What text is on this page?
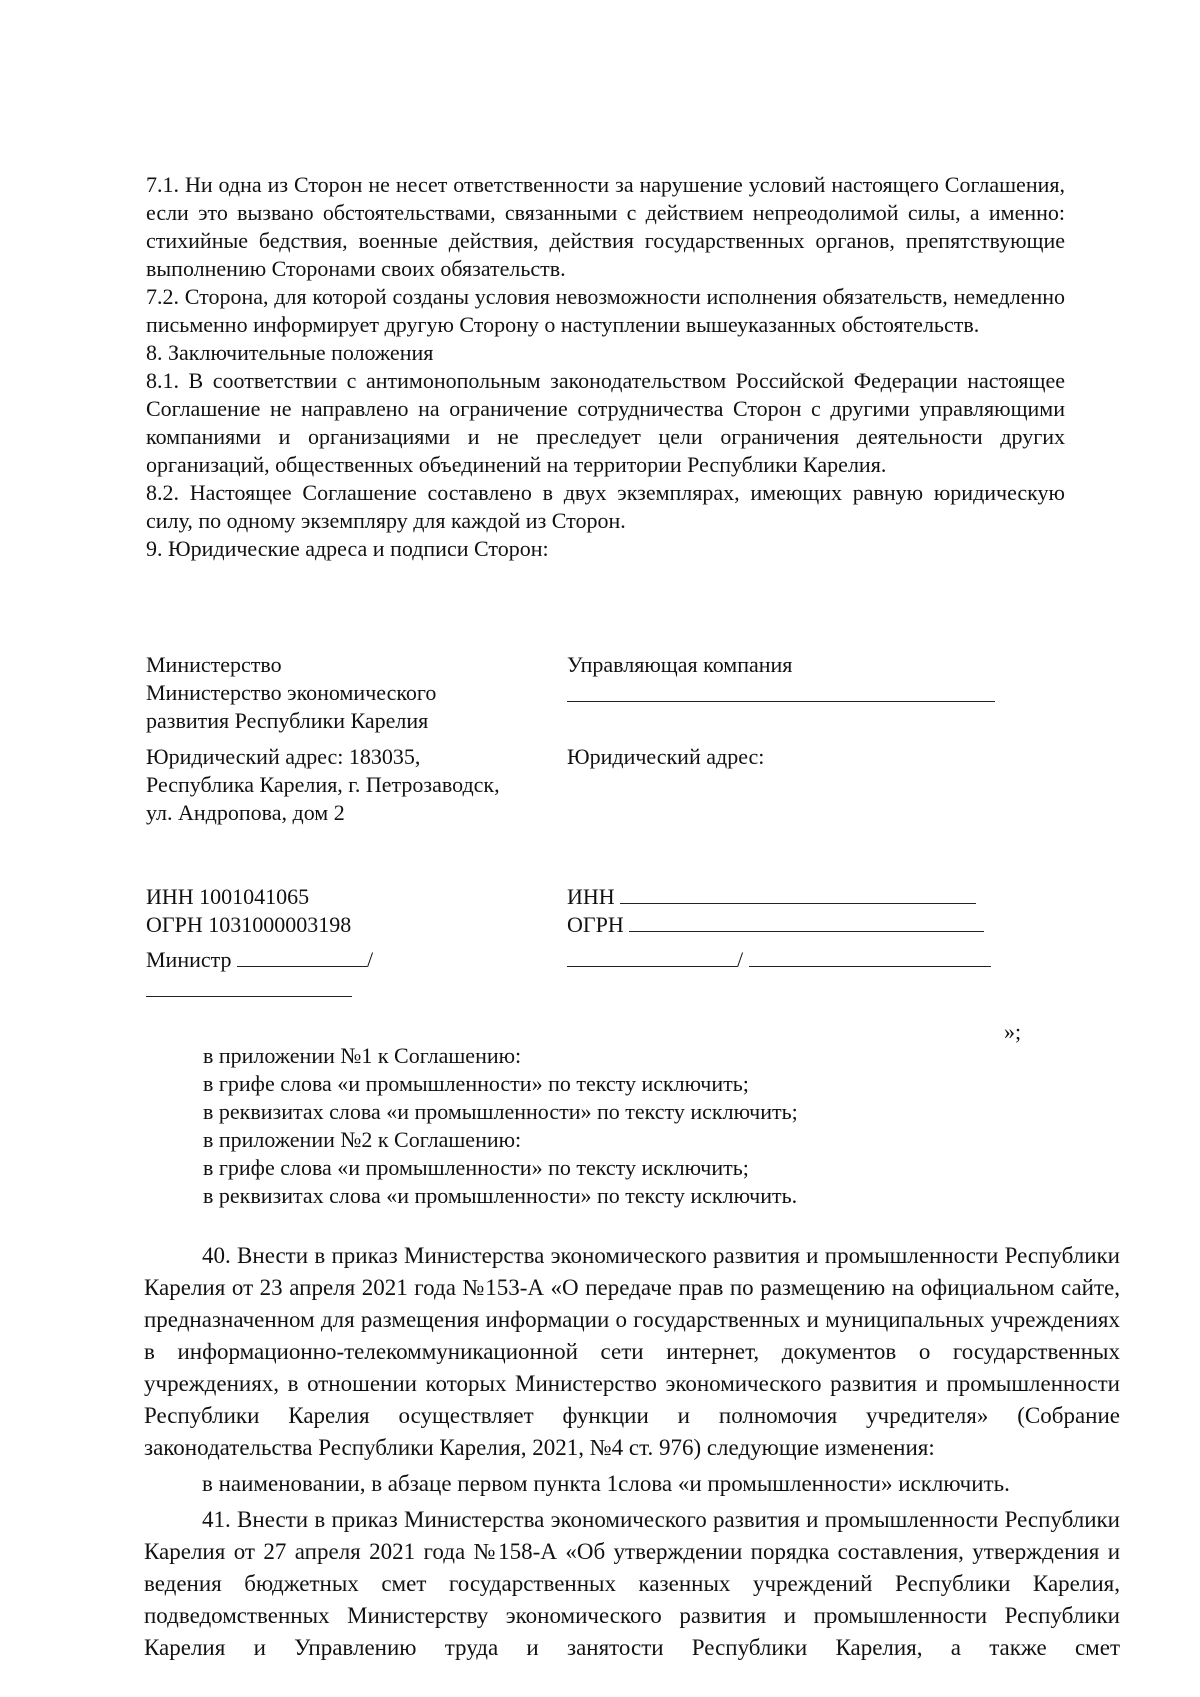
7.1. Ни одна из Сторон не несет ответственности за нарушение условий настоящего Соглашения, если это вызвано обстоятельствами, связанными с действием непреодолимой силы, а именно: стихийные бедствия, военные действия, действия государственных органов, препятствующие выполнению Сторонами своих обязательств.

7.2. Сторона, для которой созданы условия невозможности исполнения обязательств, немедленно письменно информирует другую Сторону о наступлении вышеуказанных обстоятельств.

8. Заключительные положения

8.1. В соответствии с антимонопольным законодательством Российской Федерации настоящее Соглашение не направлено на ограничение сотрудничества Сторон с другими управляющими компаниями и организациями и не преследует цели ограничения деятельности других организаций, общественных объединений на территории Республики Карелия.

8.2. Настоящее Соглашение составлено в двух экземплярах, имеющих равную юридическую силу, по одному экземпляру для каждой из Сторон.

9. Юридические адреса и подписи Сторон:

Министерство
Министерство экономического
развития Республики Карелия
Управляющая компания
Юридический адрес: 183035,
Республика Карелия, г. Петрозаводск,
ул. Андропова, дом 2
Юридический адрес:
ИНН 1001041065
ОГРН 1031000003198
ИНН
ОГРН
Министр	/	/
»;
в приложении №1 к Соглашению:
в грифе слова «и промышленности» по тексту исключить;
в реквизитах слова «и промышленности» по тексту исключить;
в приложении №2 к Соглашению:
в грифе слова «и промышленности» по тексту исключить;
в реквизитах слова «и промышленности» по тексту исключить.

40. Внести в приказ Министерства экономического развития и промышленности Республики Карелия от 23 апреля 2021 года №153-А «О передаче прав по размещению на официальном сайте, предназначенном для размещения информации о государственных и муниципальных учреждениях в информационно-телекоммуникационной сети интернет, документов о государственных учреждениях, в отношении которых Министерство экономического развития и промышленности Республики Карелия осуществляет функции и полномочия учредителя» (Собрание законодательства Республики Карелия, 2021, №4 ст. 976) следующие изменения:

в наименовании, в абзаце первом пункта 1слова «и промышленности» исключить.

41. Внести в приказ Министерства экономического развития и промышленности Республики Карелия от 27 апреля 2021 года №158-А «Об утверждении порядка составления, утверждения и ведения бюджетных смет государственных казенных учреждений Республики Карелия, подведомственных Министерству экономического развития и промышленности Республики Карелия и Управлению труда и занятости Республики Карелия, а также смет
